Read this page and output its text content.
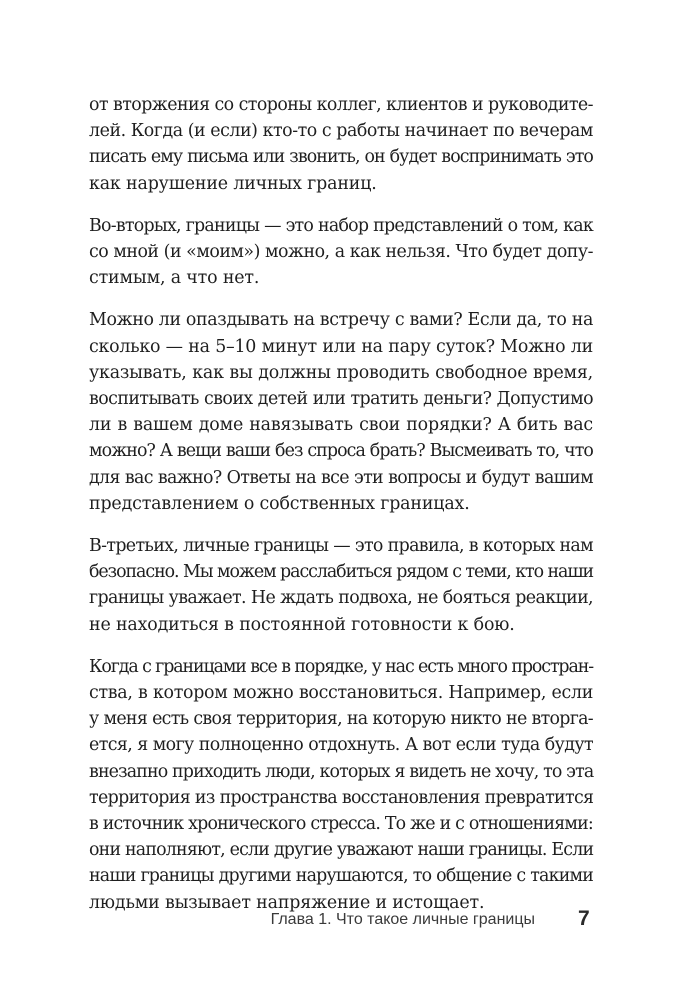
от вторжения со стороны коллег, клиентов и руководите-
лей. Когда (и если) кто-то с работы начинает по вечерам
писать ему письма или звонить, он будет воспринимать это
как нарушение личных границ.

Во-вторых, границы — это набор представлений о том, как
со мной (и «моим») можно, а как нельзя. Что будет допу-
стимым, а что нет.

Можно ли опаздывать на встречу с вами? Если да, то на
сколько — на 5–10 минут или на пару суток? Можно ли
указывать, как вы должны проводить свободное время,
воспитывать своих детей или тратить деньги? Допустимо
ли в вашем доме навязывать свои порядки? А бить вас
можно? А вещи ваши без спроса брать? Высмеивать то, что
для вас важно? Ответы на все эти вопросы и будут вашим
представлением о собственных границах.

В-третьих, личные границы — это правила, в которых нам
безопасно. Мы можем расслабиться рядом с теми, кто наши
границы уважает. Не ждать подвоха, не бояться реакции,
не находиться в постоянной готовности к бою.

Когда с границами все в порядке, у нас есть много простран-
ства, в котором можно восстановиться. Например, если
у меня есть своя территория, на которую никто не вторга-
ется, я могу полноценно отдохнуть. А вот если туда будут
внезапно приходить люди, которых я видеть не хочу, то эта
территория из пространства восстановления превратится
в источник хронического стресса. То же и с отношениями:
они наполняют, если другие уважают наши границы. Если
наши границы другими нарушаются, то общение с такими
людьми вызывает напряжение и истощает.

Глава 1. Что такое личные границы 7
